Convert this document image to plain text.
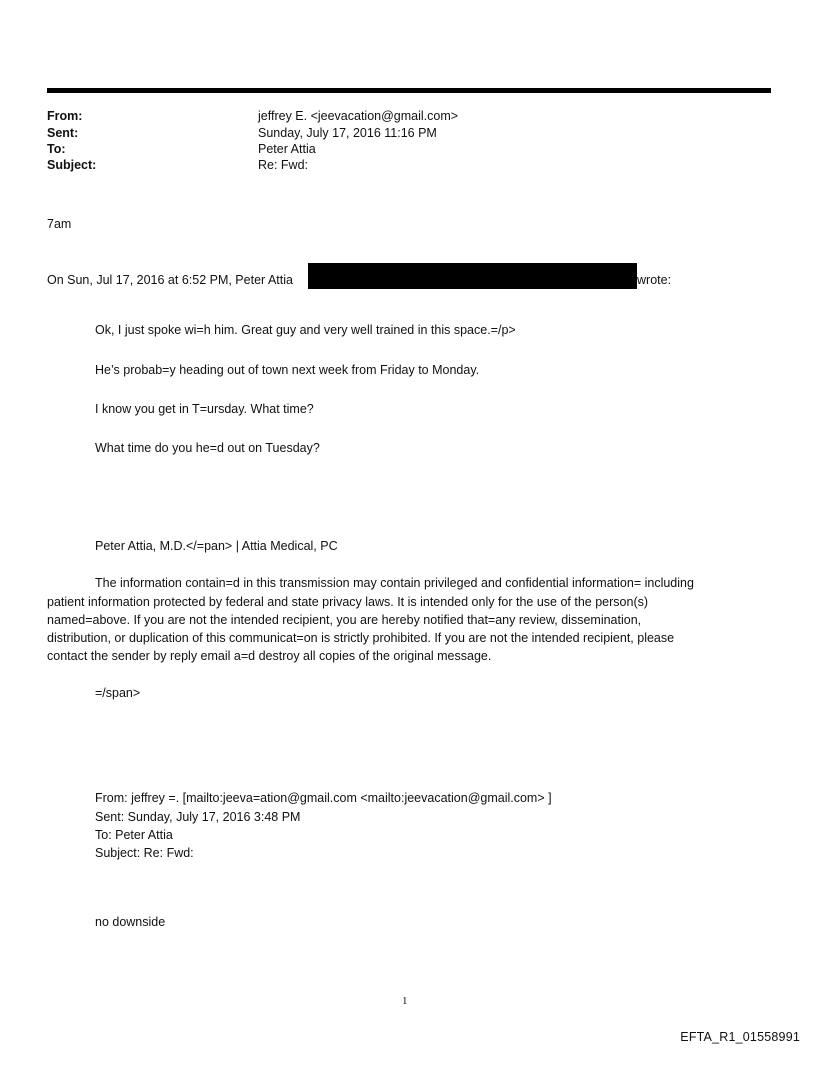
From:	jeffrey E. <jeevacation@gmail.com>
Sent:	Sunday, July 17, 2016 11:16 PM
To:	Peter Attia
Subject:	Re: Fwd:
7am
On Sun, Jul 17, 2016 at 6:52 PM, Peter Attia	wrote:
Ok, I just spoke wi=h him. Great guy and very well trained in this space.=/p>
He’s probab=y heading out of town next week from Friday to Monday.
I know you get in T=ursday. What time?
What time do you he=d out on Tuesday?
Peter Attia, M.D.</=pan> | Attia Medical, PC
The information contain=d in this transmission may contain privileged and confidential information= including
patient information protected by federal and state privacy laws. It is intended only for the use of the person(s)
named=above. If you are not the intended recipient, you are hereby notified that=any review, dissemination,
distribution, or duplication of this communicat=on is strictly prohibited. If you are not the intended recipient, please
contact the sender by reply email a=d destroy all copies of the original message.
=/span>
From: jeffrey =. [mailto:jeeva=ation@gmail.com <mailto:jeevacation@gmail.com> ]
Sent: Sunday, July 17, 2016 3:48 PM
To: Peter Attia
Subject: Re: Fwd:
no downside
1
EFTA_R1_01558991
